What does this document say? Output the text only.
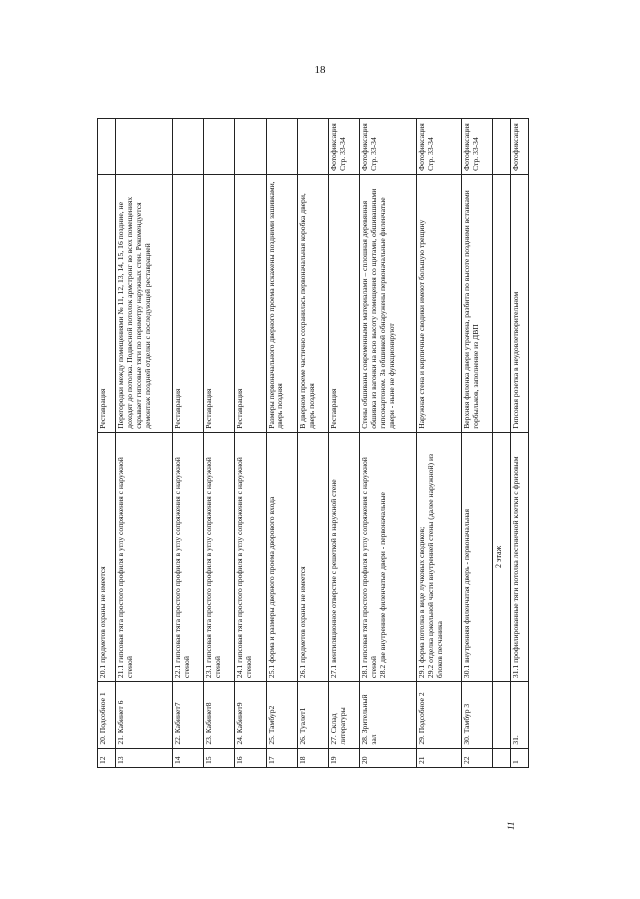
18
12	20. Подсобное 1	20.1 предметов охраны не имеется	Реставрация	
13	21. Кабинет 6	21.1 гипсовая тяга простого профиля в углу сопряжения с наружной стеной	Перегородки между помещениями № 11, 12, 13, 14, 15, 16 поздние, не доходят до потолка. Подвесной потолок армстронг во всех помещениях скрывает гипсовые тяги по периметру наружных стен. Рекомендуется демонтаж поздней отделки с последующей реставрацией	
14	22. Кабинет7	22.1 гипсовая тяга простого профиля в углу сопряжения с наружной стеной	Реставрация	
15	23. Кабинет8	23.1 гипсовая тяга простого профиля в углу сопряжения с наружной стеной	Реставрация	
16	24. Кабинет9	24.1 гипсовая тяга простого профиля в углу сопряжения с наружной стеной	Реставрация	
17	25. Тамбур2	25.1 форма и размеры дверного проема дворового входа	Размеры первоначального дверного проема искажены поздними зашивками, дверь поздняя	
18	26. Туалет1	26.1 предметов охраны не имеется	В дверном проеме частично сохранилась первоначальная коробка двери, дверь поздняя	
19	27. Склад литературы	27.1 вентиляционное отверстие с решеткой в наружной стене	Реставрация	Фотофиксация Стр. 33-34
20	28. Зрительный зал	28.1 гипсовая тяга простого профиля в углу сопряжения с наружной стеной
28.2 две внутренние филенчатые двери - первоначальные	Стены обшиваны современными материалами – сплошная деревянная обшивка из вагонки на всю высоту помещения со щитами, обшивашными гипсокартоном. За обшивкой обнаружены первоначальные филенчатые двери - ныне не функционируют	Фотофиксация Стр. 33-34
21	29. Подсобное 2	29.1 форма потолка в виде лучковых сводиков;
29.2 отделка цокольной части внутренней стены (далее наружной) из блоков песчаника	Наружная стена и кирпичные сводики имеют большую трещину	Фотофиксация Стр. 33-34
22	30. Тамбур 3	30.1 внутренняя филенчатая дверь - первоначальная	Верхняя филенка двери утрачена, разбита по высоте поздними вставками горбыльков, заполнение из ДВП	Фотофиксация Стр. 33-34
		2 этаж		
1	31.	31.1 профилированные тяги потолка лестничной клетки с фризовым	Гипсовая розетка в неудовлетворительном	Фотофиксация
11
